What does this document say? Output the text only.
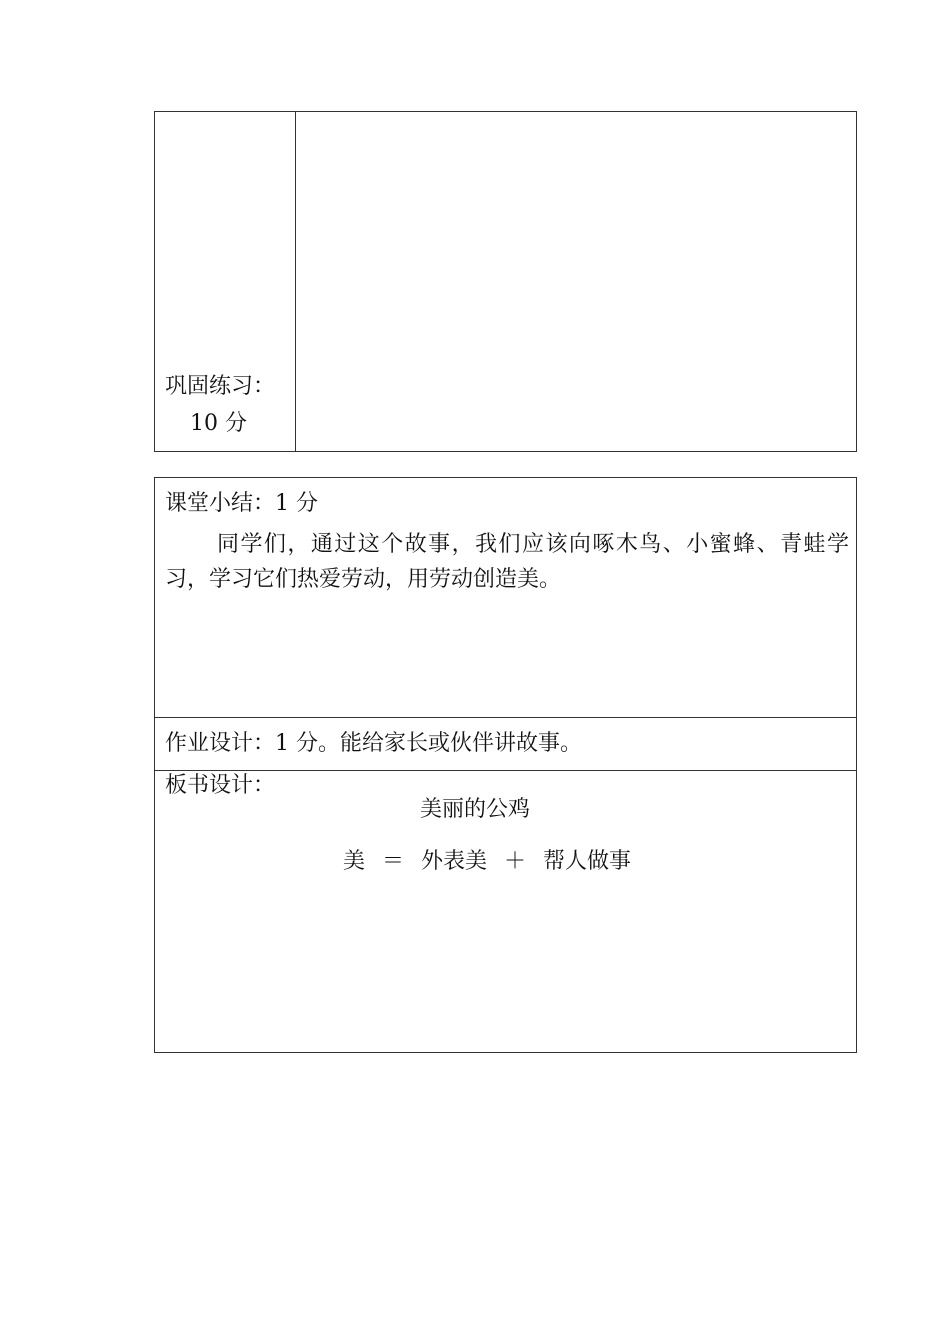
巩固练习：
10 分
课堂小结：1 分
同学们，通过这个故事，我们应该向啄木鸟、小蜜蜂、青蛙学习，学习它们热爱劳动，用劳动创造美。
作业设计：1 分。能给家长或伙伴讲故事。
板书设计：
美丽的公鸡
美 ＝ 外表美 ＋ 帮人做事
